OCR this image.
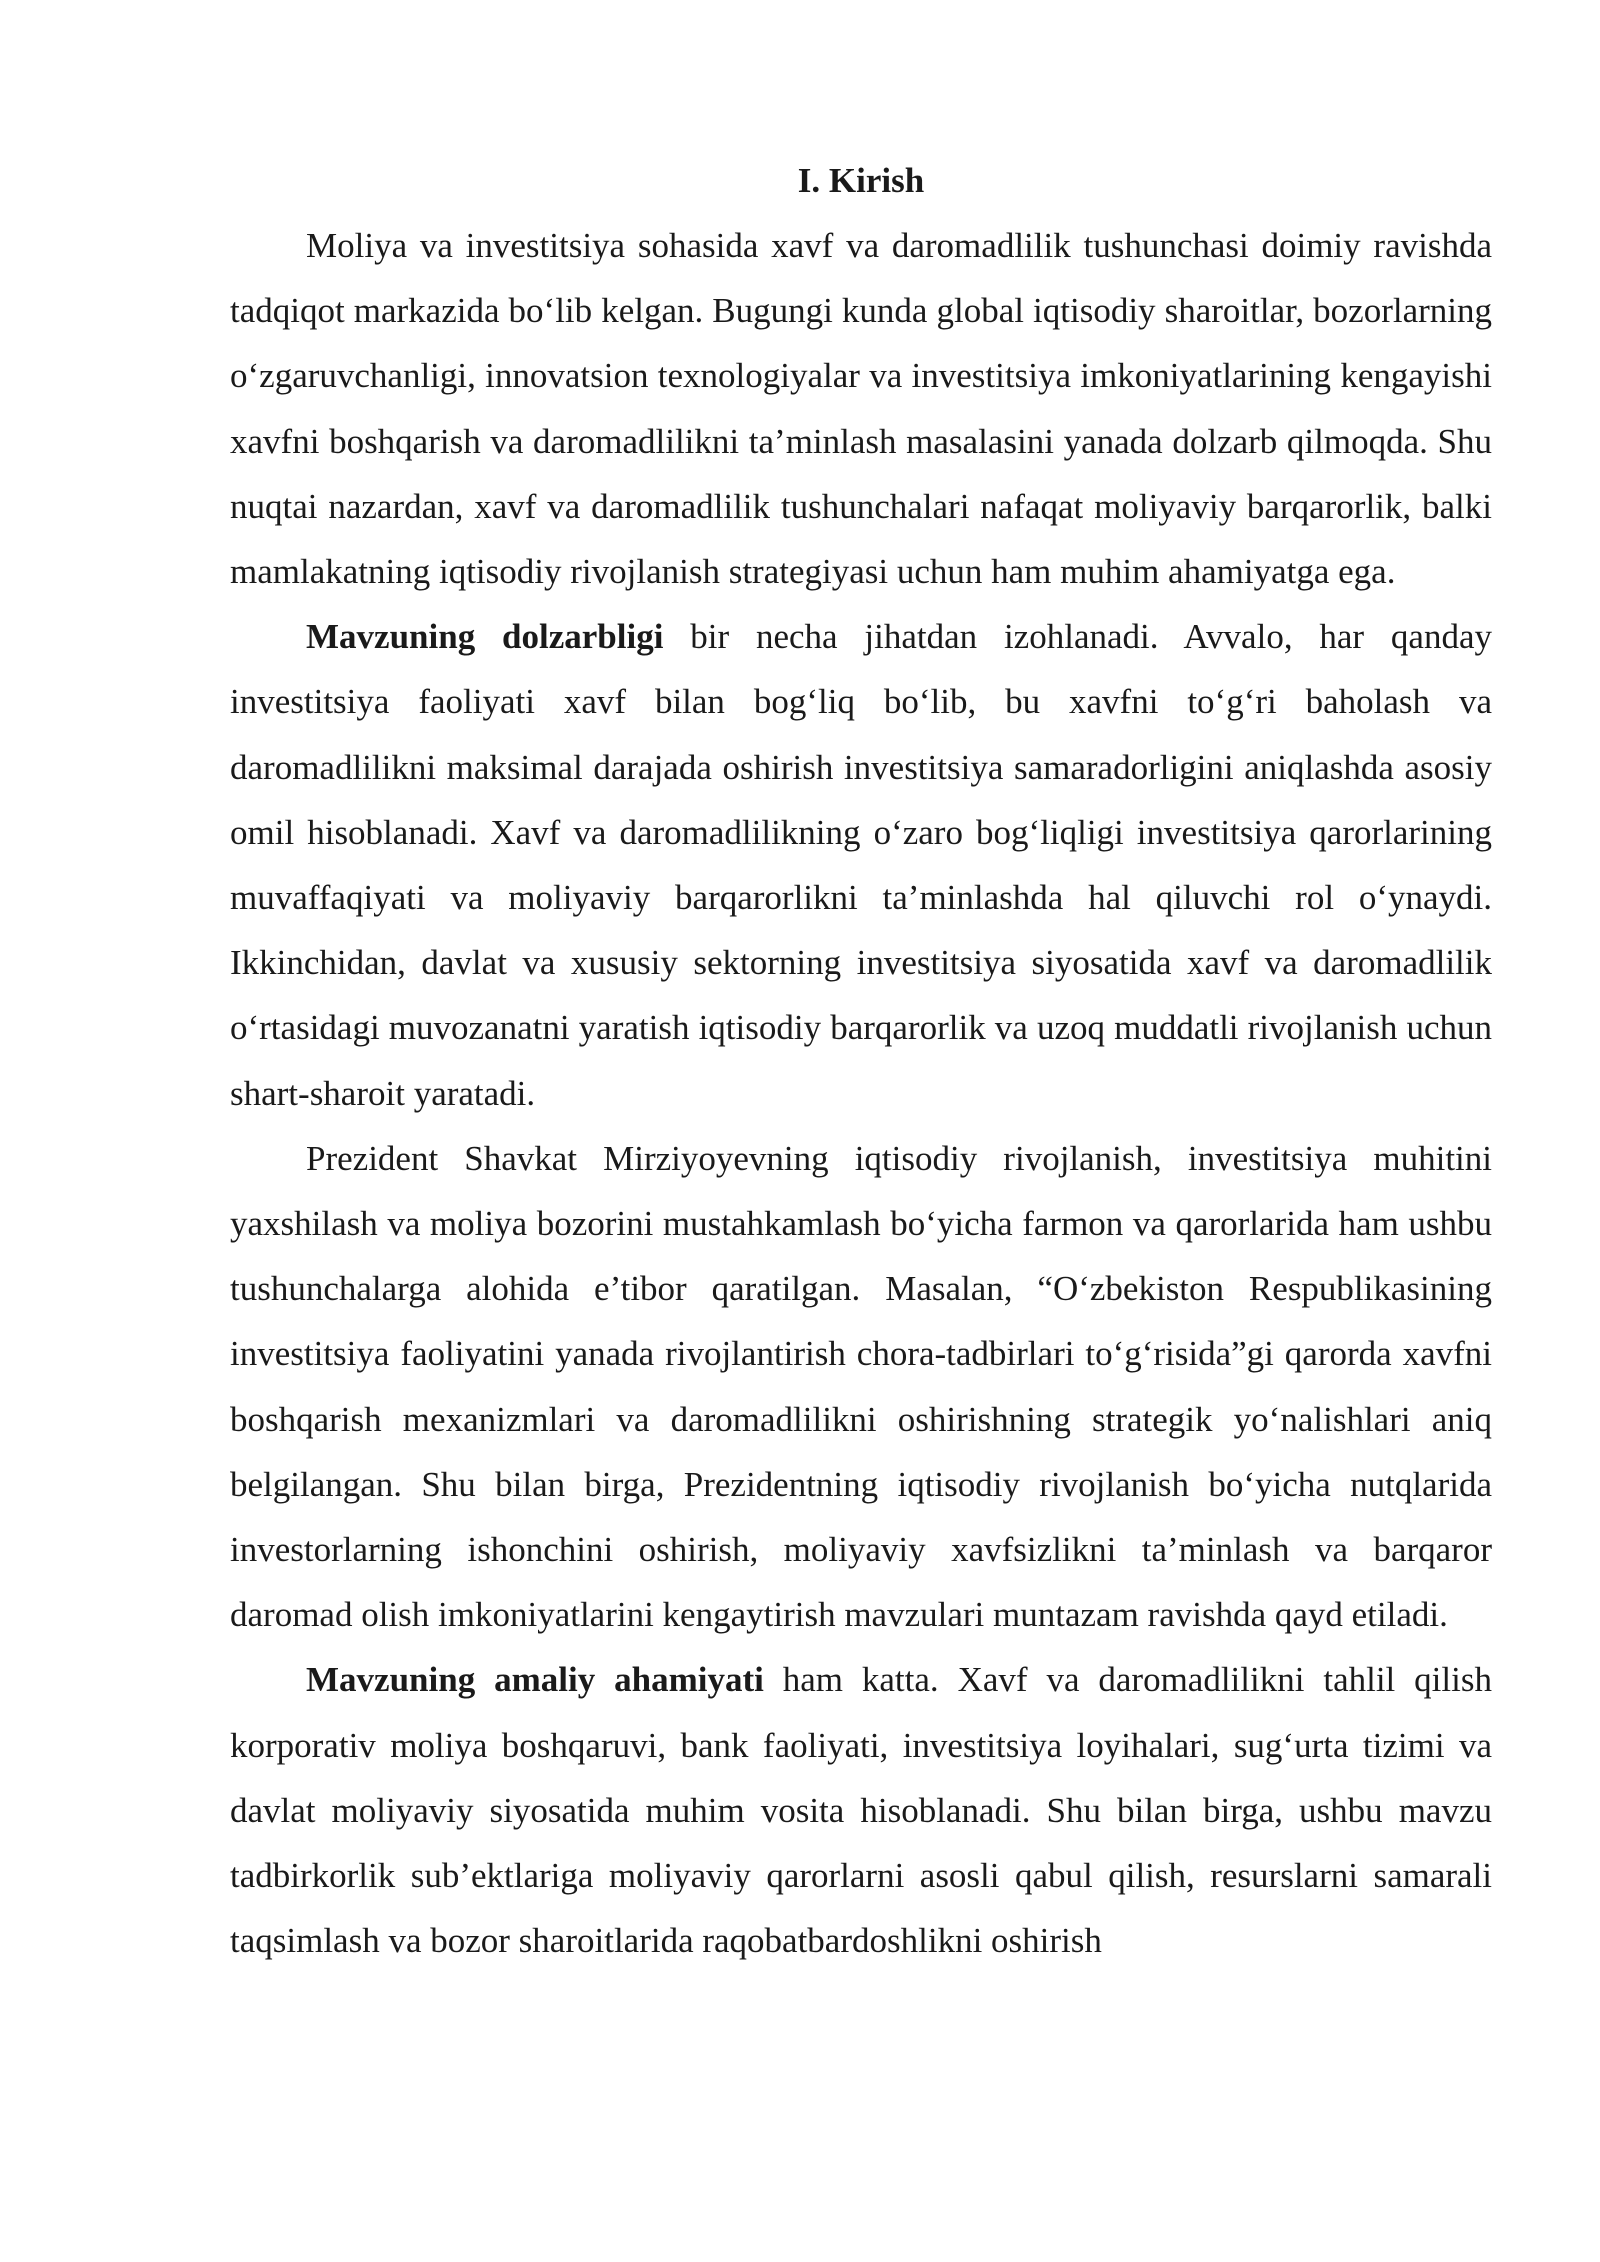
I. Kirish

Moliya va investitsiya sohasida xavf va daromadlilik tushunchasi doimiy ravishda tadqiqot markazida bo‘lib kelgan. Bugungi kunda global iqtisodiy sharoitlar, bozorlarning o‘zgaruvchanligi, innovatsion texnologiyalar va investitsiya imkoniyatlarining kengayishi xavfni boshqarish va daromadlilikni ta’minlash masalasini yanada dolzarb qilmoqda. Shu nuqtai nazardan, xavf va daromadlilik tushunchalari nafaqat moliyaviy barqarorlik, balki mamlakatning iqtisodiy rivojlanish strategiyasi uchun ham muhim ahamiyatga ega.

Mavzuning dolzarbligi bir necha jihatdan izohlanadi. Avvalo, har qanday investitsiya faoliyati xavf bilan bog‘liq bo‘lib, bu xavfni to‘g‘ri baholash va daromadlilikni maksimal darajada oshirish investitsiya samaradorligini aniqlashda asosiy omil hisoblanadi. Xavf va daromadlilikning o‘zaro bog‘liqligi investitsiya qarorlarining muvaffaqiyati va moliyaviy barqarorlikni ta’minlashda hal qiluvchi rol o‘ynaydi. Ikkinchidan, davlat va xususiy sektorning investitsiya siyosatida xavf va daromadlilik o‘rtasidagi muvozanatni yaratish iqtisodiy barqarorlik va uzoq muddatli rivojlanish uchun shart-sharoit yaratadi.

Prezident Shavkat Mirziyoyevning iqtisodiy rivojlanish, investitsiya muhitini yaxshilash va moliya bozorini mustahkamlash bo‘yicha farmon va qarorlarida ham ushbu tushunchalarga alohida e’tibor qaratilgan. Masalan, “O‘zbekiston Respublikasining investitsiya faoliyatini yanada rivojlantirish chora-tadbirlari to‘g‘risida”gi qarorda xavfni boshqarish mexanizmlari va daromadlilikni oshirishning strategik yo‘nalishlari aniq belgilangan. Shu bilan birga, Prezidentning iqtisodiy rivojlanish bo‘yicha nutqlarida investorlarning ishonchini oshirish, moliyaviy xavfsizlikni ta’minlash va barqaror daromad olish imkoniyatlarini kengaytirish mavzulari muntazam ravishda qayd etiladi.

Mavzuning amaliy ahamiyati ham katta. Xavf va daromadlilikni tahlil qilish korporativ moliya boshqaruvi, bank faoliyati, investitsiya loyihalari, sug‘urta tizimi va davlat moliyaviy siyosatida muhim vosita hisoblanadi. Shu bilan birga, ushbu mavzu tadbirkorlik sub’ektlariga moliyaviy qarorlarni asosli qabul qilish, resurslarni samarali taqsimlash va bozor sharoitlarida raqobatbardoshlikni oshirish
